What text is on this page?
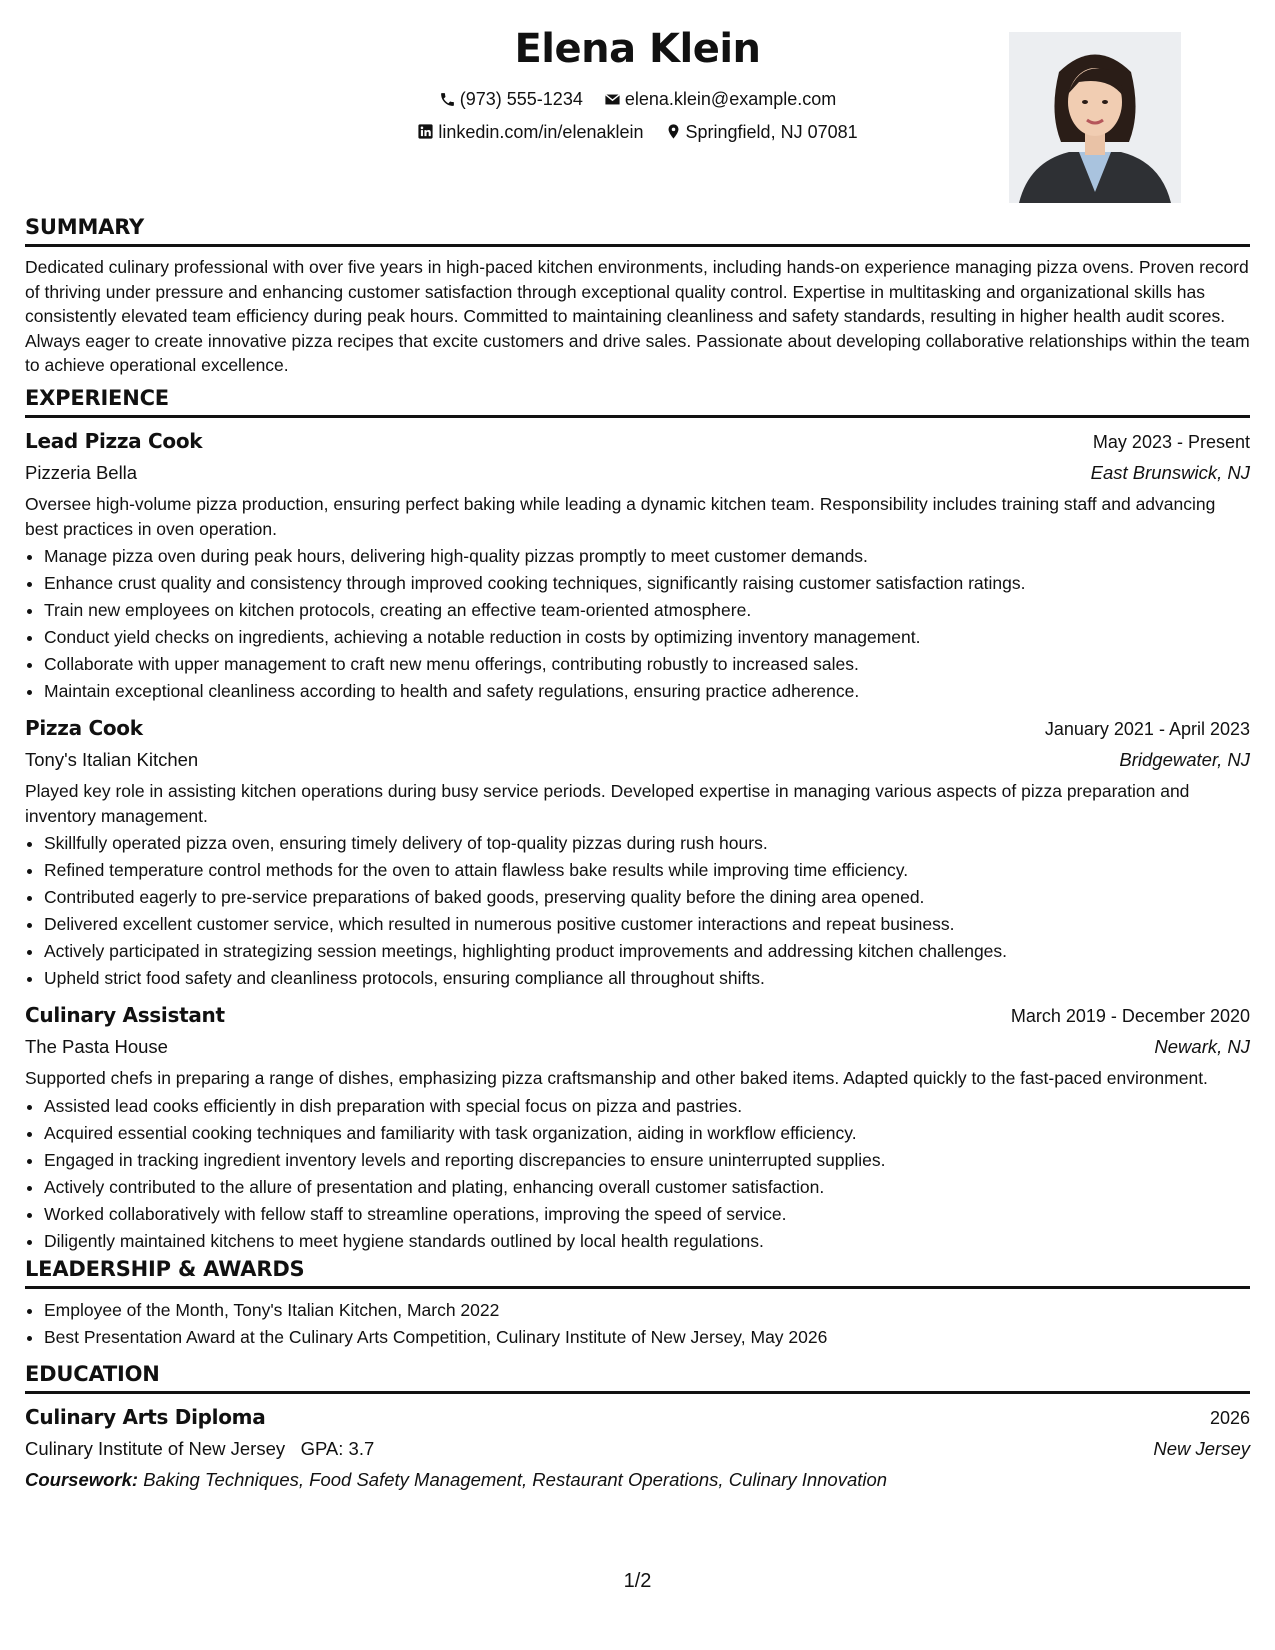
Elena Klein
(973) 555-1234
elena.klein@example.com
linkedin.com/in/elenaklein
Springfield, NJ 07081
SUMMARY
Dedicated culinary professional with over five years in high-paced kitchen environments, including hands-on experience managing pizza ovens. Proven record of thriving under pressure and enhancing customer satisfaction through exceptional quality control. Expertise in multitasking and organizational skills has consistently elevated team efficiency during peak hours. Committed to maintaining cleanliness and safety standards, resulting in higher health audit scores. Always eager to create innovative pizza recipes that excite customers and drive sales. Passionate about developing collaborative relationships within the team to achieve operational excellence.
EXPERIENCE
Lead Pizza Cook	May 2023 - Present
Pizzeria Bella	East Brunswick, NJ
Oversee high-volume pizza production, ensuring perfect baking while leading a dynamic kitchen team. Responsibility includes training staff and advancing best practices in oven operation.
• Manage pizza oven during peak hours, delivering high-quality pizzas promptly to meet customer demands.
• Enhance crust quality and consistency through improved cooking techniques, significantly raising customer satisfaction ratings.
• Train new employees on kitchen protocols, creating an effective team-oriented atmosphere.
• Conduct yield checks on ingredients, achieving a notable reduction in costs by optimizing inventory management.
• Collaborate with upper management to craft new menu offerings, contributing robustly to increased sales.
• Maintain exceptional cleanliness according to health and safety regulations, ensuring practice adherence.
Pizza Cook	January 2021 - April 2023
Tony's Italian Kitchen	Bridgewater, NJ
Played key role in assisting kitchen operations during busy service periods. Developed expertise in managing various aspects of pizza preparation and inventory management.
• Skillfully operated pizza oven, ensuring timely delivery of top-quality pizzas during rush hours.
• Refined temperature control methods for the oven to attain flawless bake results while improving time efficiency.
• Contributed eagerly to pre-service preparations of baked goods, preserving quality before the dining area opened.
• Delivered excellent customer service, which resulted in numerous positive customer interactions and repeat business.
• Actively participated in strategizing session meetings, highlighting product improvements and addressing kitchen challenges.
• Upheld strict food safety and cleanliness protocols, ensuring compliance all throughout shifts.
Culinary Assistant	March 2019 - December 2020
The Pasta House	Newark, NJ
Supported chefs in preparing a range of dishes, emphasizing pizza craftsmanship and other baked items. Adapted quickly to the fast-paced environment.
• Assisted lead cooks efficiently in dish preparation with special focus on pizza and pastries.
• Acquired essential cooking techniques and familiarity with task organization, aiding in workflow efficiency.
• Engaged in tracking ingredient inventory levels and reporting discrepancies to ensure uninterrupted supplies.
• Actively contributed to the allure of presentation and plating, enhancing overall customer satisfaction.
• Worked collaboratively with fellow staff to streamline operations, improving the speed of service.
• Diligently maintained kitchens to meet hygiene standards outlined by local health regulations.
LEADERSHIP & AWARDS
• Employee of the Month, Tony's Italian Kitchen, March 2022
• Best Presentation Award at the Culinary Arts Competition, Culinary Institute of New Jersey, May 2026
EDUCATION
Culinary Arts Diploma	2026
Culinary Institute of New Jersey GPA: 3.7	New Jersey
Coursework: Baking Techniques, Food Safety Management, Restaurant Operations, Culinary Innovation
1/2
